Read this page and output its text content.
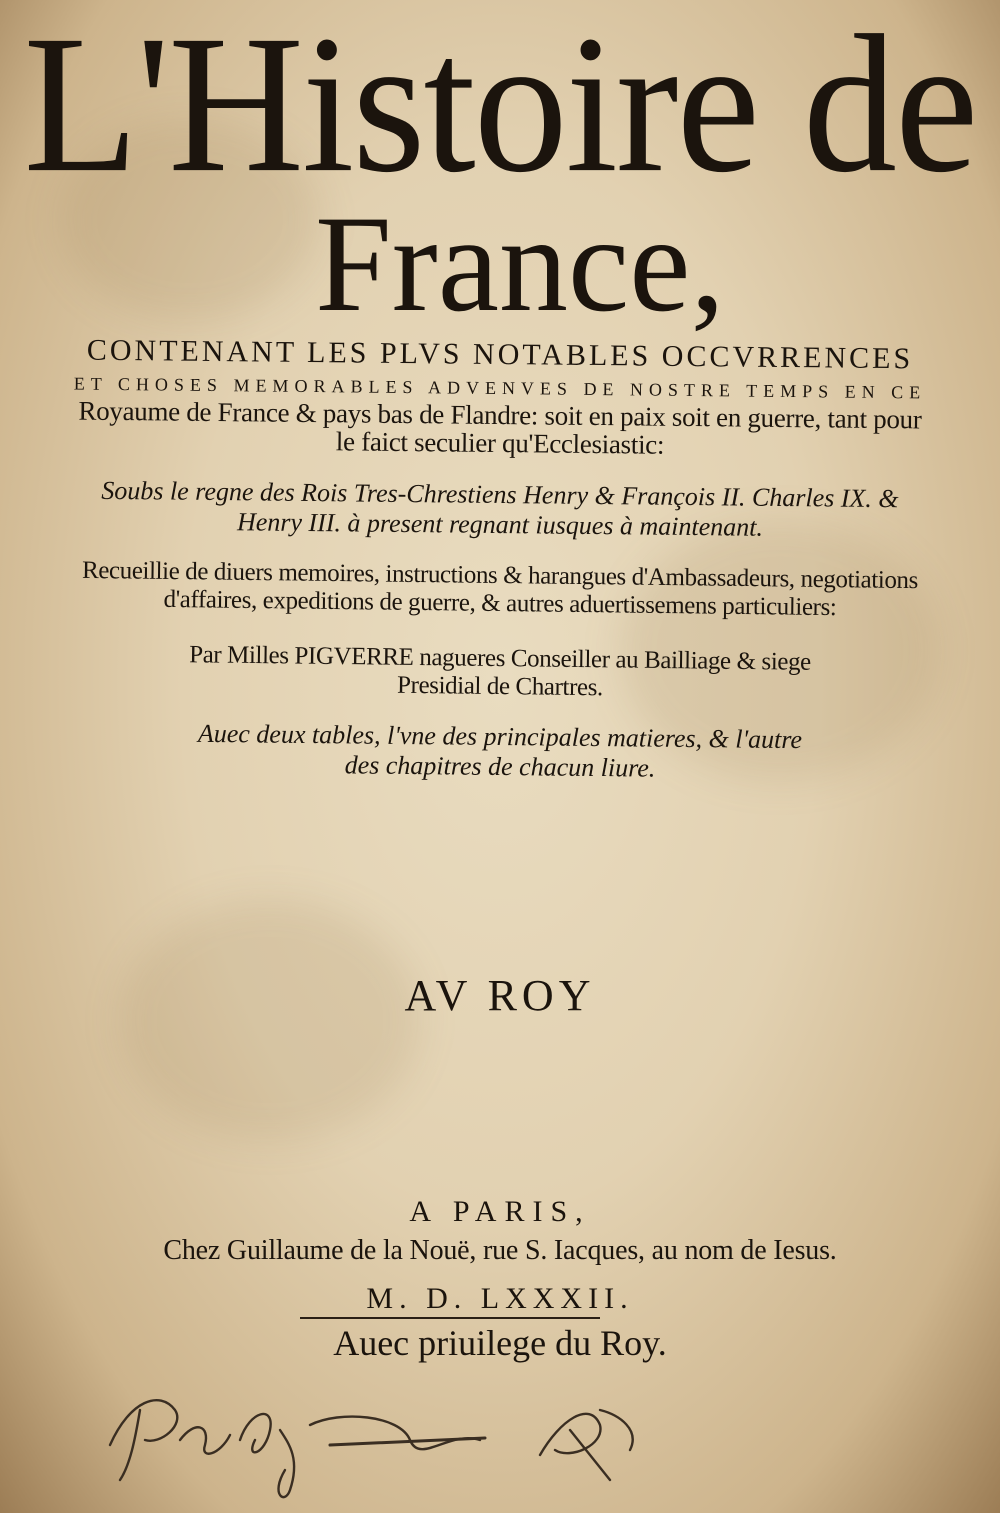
L'Histoire de
France,
CONTENANT LES PLVS NOTABLES OCCVRRENCES
ET CHOSES MEMORABLES ADVENVES DE NOSTRE TEMPS EN CE
Royaume de France & pays bas de Flandre: soit en paix soit en guerre, tant pour
le faict seculier qu'Ecclesiastic:
Soubs le regne des Rois Tres-Chrestiens Henry & François II. Charles IX. &
Henry III. à present regnant iusques à maintenant.
Recueillie de diuers memoires, instructions & harangues d'Ambassadeurs, negotiations
d'affaires, expeditions de guerre, & autres aduertissemens particuliers:
Par Milles PIGVERRE nagueres Conseiller au Bailliage & siege
Presidial de Chartres.
Auec deux tables, l'vne des principales matieres, & l'autre
des chapitres de chacun liure.
AV ROY
A PARIS,
Chez Guillaume de la Nouë, rue S. Iacques, au nom de Iesus.
M. D. LXXXII.
Auec priuilege du Roy.
